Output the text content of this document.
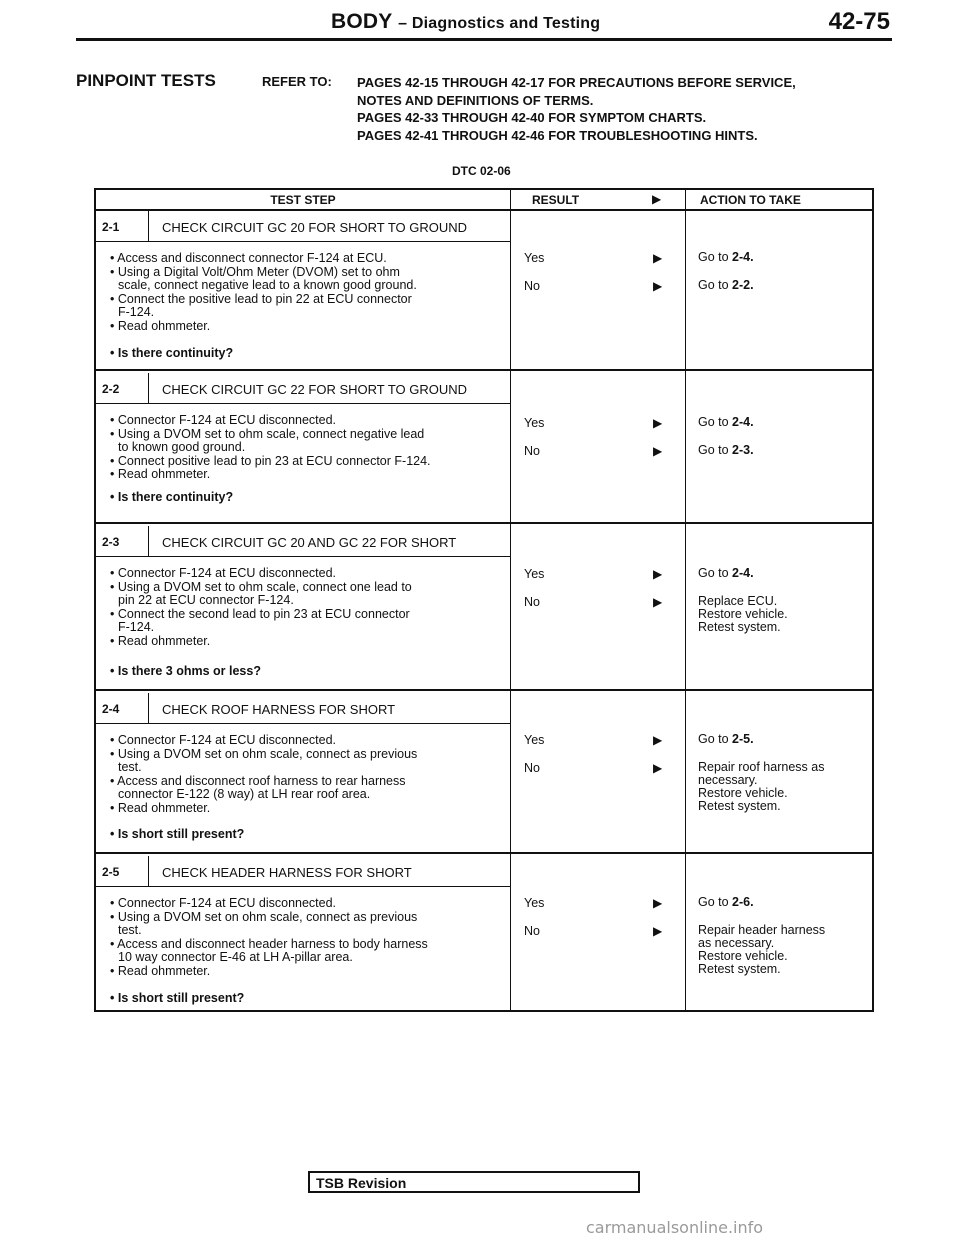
BODY – Diagnostics and Testing	42-75
PINPOINT TESTS	REFER TO: PAGES 42-15 THROUGH 42-17 FOR PRECAUTIONS BEFORE SERVICE,
NOTES AND DEFINITIONS OF TERMS.
PAGES 42-33 THROUGH 42-40 FOR SYMPTOM CHARTS.
PAGES 42-41 THROUGH 42-46 FOR TROUBLESHOOTING HINTS.
DTC 02-06
TEST STEP	RESULT	▶	ACTION TO TAKE
2-1	CHECK CIRCUIT GC 20 FOR SHORT TO GROUND
• Access and disconnect connector F-124 at ECU.
• Using a Digital Volt/Ohm Meter (DVOM) set to ohm
scale, connect negative lead to a known good ground.
• Connect the positive lead to pin 22 at ECU connector
F-124.
• Read ohmmeter.
• Is there continuity?
Yes	▶	Go to 2-4.
No	▶	Go to 2-2.
2-2	CHECK CIRCUIT GC 22 FOR SHORT TO GROUND
• Connector F-124 at ECU disconnected.
• Using a DVOM set to ohm scale, connect negative lead
to known good ground.
• Connect positive lead to pin 23 at ECU connector F-124.
• Read ohmmeter.
• Is there continuity?
Yes	▶	Go to 2-4.
No	▶	Go to 2-3.
2-3	CHECK CIRCUIT GC 20 AND GC 22 FOR SHORT
• Connector F-124 at ECU disconnected.
• Using a DVOM set to ohm scale, connect one lead to
pin 22 at ECU connector F-124.
• Connect the second lead to pin 23 at ECU connector
F-124.
• Read ohmmeter.
• Is there 3 ohms or less?
Yes	▶	Go to 2-4.
No	▶	Replace ECU.
Restore vehicle.
Retest system.
2-4	CHECK ROOF HARNESS FOR SHORT
• Connector F-124 at ECU disconnected.
• Using a DVOM set on ohm scale, connect as previous
test.
• Access and disconnect roof harness to rear harness
connector E-122 (8 way) at LH rear roof area.
• Read ohmmeter.
• Is short still present?
Yes	▶	Go to 2-5.
No	▶	Repair roof harness as
necessary.
Restore vehicle.
Retest system.
2-5	CHECK HEADER HARNESS FOR SHORT
• Connector F-124 at ECU disconnected.
• Using a DVOM set on ohm scale, connect as previous
test.
• Access and disconnect header harness to body harness
10 way connector E-46 at LH A-pillar area.
• Read ohmmeter.
• Is short still present?
Yes	▶	Go to 2-6.
No	▶	Repair header harness
as necessary.
Restore vehicle.
Retest system.
TSB Revision
carmanualsonline.info
